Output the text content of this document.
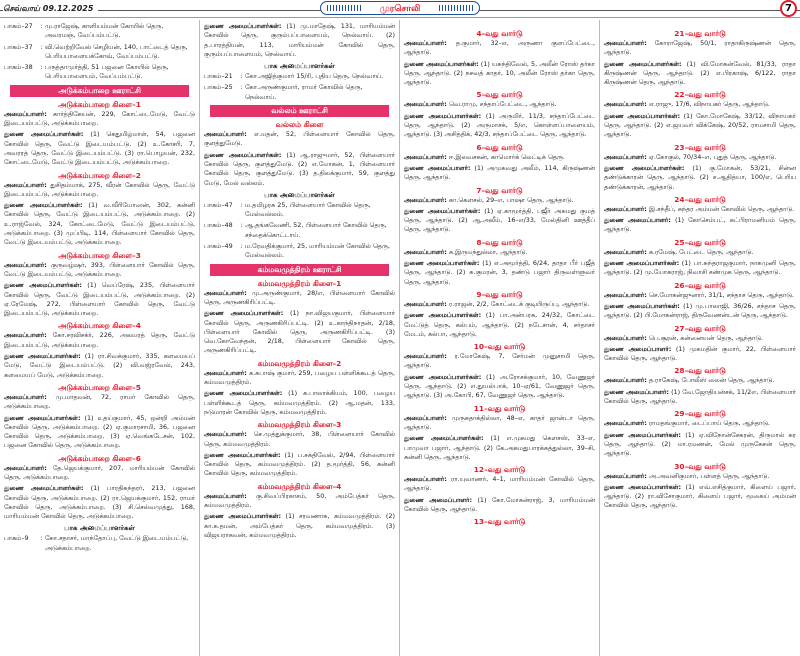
செவ்வாய் 09.12.2025	முரசொலி	7
பாகம்–27	: மு.ராஜேஷ், காளியம்மன் கோயில் தெரு, அவரமஞ், வேப்பம்பட்டு.
பாகம்–37	: வி.வெற்றிவேல் செழியன், 140, பாட்டைத் தெரு, பெரியபாளையக்கோவ், வேப்பம்பட்டு.
பாகம்–38	: பருத்தாமுர்த்தி, 51 பஜனை கோயில் தெரு, பெரியபாளையம், வேப்பம்பட்டு.
அடுக்கம்பாறை ஊராட்சி
அடுக்கம்பாறை கிளை–1

அமைப்பாளர்: கார்த்திகேயன், 229, கோட்டைமேடு, வேட்டு இடையம்பட்டு, அடுக்கம்பாறை.

துணை அமைப்பாளர்கள்: (1) கெதுமிழ்மாள், 54, பஜனை கோவில் தெரு, வேட்டு இடையம்பட்டு. (2) உ.கோசரி, 7, அவரரத் தெரு, வேட்டு இடையம்பட்டு. (3) ரா.பொழயன், 232, கோட்டைமேடு, வேட்டு இடையம்பட்டு, அடுக்கம்பாறை.

அடுக்கம்பாறை கிளை–2

அமைப்பாளர்: துசிதம்மாக், 275, வீரன் கோவில் தெரு, வேட்டு இடையம்பட்டு, அடுக்கம்பாறை.

துணை அமைப்பாளர்கள்: (1) வ.வீரியோஸன், 302, கன்னி கோவில் தெரு, வேட்டு இடையம்பட்டு, அடுக்கம்பாறை. (2) உ.ராஜ்வேல், 324, கோட்டைமேடு, வேட்டு இடையம்பட்டு, அடுக்கம்பாறை. (3) முப்பிடி, 114, பிள்ளையார் கோவில் தெரு, வேட்டு இடையம்பட்டு, அடுக்கம்பாறை.

அடுக்கம்பாறை கிளை–3

அமைப்பாளர்: குருவழ்ஷர், 393, பிள்ளையார் கோவில் தெரு, வேட்டு இடையம்பட்டு, அடுக்கம்பாறை.

துணை அமைப்பாளர்கள்: (1) வெப்ரேஷ், 235, பிள்ளையார் கோவில் தெரு, வேட்டு இடையம்பட்டு, அடுக்கம்பாறை. (2) ஏ.ரேமேஷ், 272, பிள்ளையார் கோவில் தெரு, வேட்டு இடையம்பட்டு, அடுக்கம்பாறை.

அடுக்கம்பாறை கிளை–4

அமைப்பாளர்: கோ.சரவிசக்ர், 226, அலமரத் தெரு, வேட்டு இடையம்பட்டு, அடுக்கம்பாறை.

துணை அமைப்பாளர்கள்: (1) ரா.சிவக்குமார், 335, களமையப் மேடு, வேட்டு இடையம்பட்டு. (2) வி.வஜ்ரவேல், 243, களமையப் மேடு, அடுக்கம்பாறை.

அடுக்கம்பாறை கிளை–5

அமைப்பாளர்: மு.மாதவன், 72, ராமர் கோவில் தெரு, அடுக்கம்பாறை.

துணை அமைப்பாளர்கள்: (1) உதய்குமார், 45, ஒன்றி அம்மன் கோவில் தெரு, அடுக்கம்பாறை. (2) ஏ.குமாரசாமி, 36, பஜனை கோவில் தெரு, அடுக்கம்பாறை. (3) ஏ.வெங்கடேசன், 102, பஜனை கோவில் தெரு, அடுக்கம்பாறை.

அடுக்கம்பாறை கிளை–6

அமைப்பாளர்: தே.ஜெயக்குமார், 207, மாரியம்மன் கோவில் தெரு, அடுக்கம்பாறை.

துணை அமைப்பாளர்கள்: (1) பாரதிசுந்தரர், 213, பஜனை கோவில் தெரு, அடுக்கம்பாறை. (2) ரா.ஜெயக்குமார், 152, ராமர் கோவில் தெரு, அடுக்கம்பாறை. (3) சி.செல்வமுத்து, 168, மாரியம்மன் கோவில் தெரு, அடுக்கம்பாறை.

பாக அமைப்பாளர்கள்
பாகம்–9	: கோ.சதாசர், மாந்தோப்பு, வேட்டு இடையம்பட்டு, அடுக்கம்பாறை.

துணை அமைப்பாளர்கள்: (1) மு.மாதேஷ், 131, மாரியம்மன் கோவில் தெரு, குரும்பப்பாளையம், நெல்வாய். (2) த.பாரத்தியன், 113, மாரியம்மன் கோவில் தெரு, குரும்பப்பாளையம், நெல்வாய்.

பாக அமைப்பாளர்கள்
பாகம்–21	: கோ.அஜித்குமார் 15/ரி, புதிய தெரு, நெல்வாய்.
பாகம்–25	: கோ.அருண்குமார், ராமர் கோவில் தெரு, நெல்வாய்.
வல்லம் ஊராட்சி
வல்லம் கிளை

அமைப்பாளர்: எ.மதன், 52, பிள்ளையார் கோவில் தெரு, குளத்துமேடு.

துணை அமைப்பாளர்கள்: (1) ஆ.ராஜுமார், 52, பிள்ளையார் கோவில் தெரு, குளத்துமேடு. (2) எ.மோகன், 1, பிள்ளையார் கோவில் தெரு, குளத்துமேடு. (3) த.திலக்குமார், 59, குளத்து மேடு, மேல் வல்லம்.

பாக அமைப்பாளர்கள்
பாகம்–47	: ம.தமிழரசு 25, பிள்ளையார் கோவில் தெரு, மேல்வல்லம்.
பாகம்–48	: ஆ.தங்கவேணி, 52, பிள்ளையார் கோவில் தெரு, சந்தைக்கொட்டாய்.
பாகம்–49	: ம.ரேவதிக்குமார், 25, மாரியம்மன் கோவில் தெரு, மேல்வல்லம்.
கம்மவமுத்திரம் ஊராட்சி
கம்மவமுத்திரம் கிளை–1

அமைப்பாளர்: மு.அருண்குமார், 28/எ, பிள்ளையார் கோவில் தெரு, அருணகிரிப்பட்டி.

துணை அமைப்பாளர்கள்: (1) நா.விஜயகுமார், பிள்ளையார் கோவில் தெரு, அருணகிரிப்பட்டி. (2) உ.காந்திநாதன், 2/18, பிள்ளையார் கோவில் தெரு, அருணகிரிப்பட்டி. (3) வெ.கோவேந்தன், 2/18, பிள்ளையார் கோவில் தெரு, அருணகிரிப்பட்டி.

கம்மவமுத்திரம் கிளை–2

அமைப்பாளர்: க.சுபாஷ் குமார், 259, பழைய பள்ளிக்கூடத் தெரு, கம்மவமுத்திரம்.

துணை அமைப்பாளர்கள்: (1) க.பாலாக்கியம், 100, பழைய பள்ளிக்கூடத் தெரு, கம்மவமுத்திரம். (2) ஆ.மதன், 133, நடுமாரன் கோவில் தெரு, கம்மவமுத்திரம்.

கம்மவமுத்திரம் கிளை–3

அமைப்பாளர்: செ.முத்துக்குமார், 38, பிள்ளையார் கோவில் தெரு, கம்மவமுத்திரம்.

துணை அமைப்பாளர்கள்: (1) ப.சக்திவேல், 2/94, பிள்ளையார் கோவில் தெரு, கம்மவமுத்திரம். (2) த.மூர்த்தி, 56, கன்னி கோவில் தெரு, கம்மவமுத்திரம்.

கம்மவமுத்திரம் கிளை–4

அமைப்பாளர்: கு.சிவப்பிரகாசம், 50, அம்பேத்கர் தெரு, கம்மவமுத்திரம்.

துணை அமைப்பாளர்கள்: (1) சரவணாசு, கம்மவமுத்திரம். (2) கா.க.தமன், அம்பேத்கர் தெரு, கம்மவமுத்திரம். (3) விஜயராகவன், கம்மவமுத்திரம்.

4–வது வார்டு

அமைப்பாளர்: த.குமார், 32–எ, அருணா குளப்பேட்டை, ஆந்தாடு.

துணை அமைப்பாளர்கள்: (1) யசுந்திவேல், 5, அலீன் ரோஸ் தர்கா தெரு, ஆந்தாடு. (2) நசவத் காதர், 10, அலீன் ரோஸ் தர்கா தெரு, ஆந்தாடு.

5–வது வார்டு

அமைப்பாளர்: வெ.ராமு, சந்தாப்பேட்டை, ஆந்தாடு.

துணை அமைப்பாளர்கள்: (1) அருமிர், 11/3, சந்தாப்பேட்டை தெரு, ஆந்தாடு. (2) அருமாசக், 5/எ, கொள்ளப்பாளையம், ஆந்தாடு. (3) அசித்திக், 42/3, சந்தாப்பேட்டை தெரு, ஆந்தாடு.

6–வது வார்டு

அமைப்பாளர்: ஈ.இலவசகன், காமொர்க் லெட்டிக் தெரு.

துணை அமைப்பாளர்: (1) அமுகவது அலீம், 114, கிருஷ்ணன் தெரு, ஆந்தாடு.

7–வது வார்டு

அமைப்பாளர்: கா.கௌசல், 29–எ, பாஷா தெரு, ஆந்தாடு.

துணை அமைப்பாளர்கள்: (1) ஏ.காமூர்த்தி, பஜீர் அகமது குமத் தெரு, ஆந்தாடு. (2) ஆ.அலீம், 16–எ/33, மேல்தினி ஊத்தீப் தெரு, ஆந்தாடு.

8–வது வார்டு

அமைப்பாளர்: சு.இருமந்துல்லா, ஆந்தாடு.

துணை அமைப்பாளர்கள்: (1) எ.அமூர்த்தி, 6/24, தாதா பீர் பஜீத் தெரு, ஆந்தாடு. (2) சு.குமரன், 3, தண்டு பஜார் திருவள்ளுவர் தெரு, ஆந்தாடு.

9–வது வார்டு

அமைப்பாளர்: ர.ராஜன், 2/2, கோட்டைக் குடியிருப்பு, ஆந்தாடு.

துணை அமைப்பாளர்கள்: (1) பா.அன்பரசு, 24/32, கோட்டை மேட்டுத் தெரு, கல்பம், ஆந்தாடு. (2) நடேசான், 4, சர்தாசர் மேடம், கல்பா, ஆந்தாடு.

10–வது வார்டு

அமைப்பாளர்: ர.மோகேஷ், 7, சேர்மன் முனுசாமி தெரு, ஆந்தாடு.

துணை அமைப்பாளர்கள்: (1) அ.ரோசக்குமார், 10, வேணுஜர் தெரு, ஆந்தாடு. (2) எ.துயல்பாக், 10–ஏ/61, வேணுஜர் தெரு, ஆந்தாடு. (3) அ.கோபி, 67, வேணுஜர் தெரு, ஆந்தாடு.

11–வது வார்டு

அமைப்பாளர்: முருகதாக்தில்லா, 48–எ, காதர் ஜான்டா தெரு, ஆந்தாடு.

துணை அமைப்பாளர்கள்: (1) எ.முகமது கௌசஸ், 33–எ, பாமுவா பஜார், ஆந்தாடு. (2) கே.அகமதுபாரக்கத்துல்லா, 39–சி, சுன்னி தெரு, ஆந்தாடு.

12–வது வார்டு

அமைப்பாளர்: ரா.யுவாணர், 4–1, மாரியம்மன் கோவில் தெரு, ஆந்தாடு.

துணை அமைப்பாளர்: (1) கோ.மோகன்ராஜ், 3, மாரியம்மன் கோவில் தெரு, ஆந்தாடு.

13–வது வார்டு
21–வது வார்டு

அமைப்பாளர்: கோராஜேஷ், 50/1, ராதாகிருஷ்ணன் தெரு, ஆந்தாடு.

துணை அமைப்பாளர்கள்: (1) வி.மோகன்வேல், 81/33, ராதா கிருஷ்ணன் தெரு, ஆந்தாடு. (2) எ.பிரகாஷ், 6/122, ராதா கிருஷ்ணன் தெரு, ஆந்தாடு.

22–வது வார்டு

அமைப்பாளர்: எ.ராஜு, 17/6, விநாயகர் தெரு, ஆந்தாடு.

துணை அமைப்பாளர்கள்: (1) கோ.மோகேஷ், 33/12, விநாயகர் தெரு, ஆந்தாடு. (2) எ.ஜயவர் விக்கேஷ், 20/52, ராமசாமி தெரு, ஆந்தாடு.

23–வது வார்டு

அமைப்பாளர்: ஏ.கோகுல், 70/34–எ, புதுத் தெரு, ஆந்தாடு.

துணை அமைப்பாளர்கள்: (1) கு.மோகன், 53/21, சின்ன தண்டுக்காரன் தெரு, ஆந்தாடு. (2) ச.ஆதித்யா, 100/எ, பெரிய தண்டுக்காரன், ஆந்தாடு.

24–வது வார்டு

அமைப்பாளர்: இ.சந்தீப், சுந்தர அம்மன் கோவில் தெரு, ஆந்தாடு.

துணை அமைப்பாளர்: (1) கோசெம்பட், கட்பிராமனியம் தெரு, ஆந்தாடு.

25–வது வார்டு

அமைப்பாளர்: க.ரமேஷ், பேட்டை தெரு, ஆந்தாடு.

துணை அமைப்பாளர்கள்: (1) பா.சுந்தராஜகுமார், நாகமுனி தெரு, ஆந்தாடு. (2) மு.யோகராஜ், நிவாசி சண்முக தெரு, ஆந்தாடு.

26–வது வார்டு

அமைப்பாளர்: செ.மோகன்ஜுனார், 31/1, சந்தாச தெரு, ஆந்தாடு.

துணை அமைப்பாளர்கள்: (1) மு.பாலாஜி, 36/26, சந்தாச தெரு, ஆந்தாடு. (2) பி.மோகன்ராஜ், திருவேணன்டன் தெரு, ஆந்தாடு.

27–வது வார்டு

அமைப்பாளர்: பெ.சூரன், கன்னையன் தெரு, ஆந்தாடு.

துணை அமைப்பாளர்: (1) முகமதின் குமார், 22, பிள்ளையார் கோவில் தெரு, ஆந்தாடு.

28–வது வார்டு

அமைப்பாளர்: த.ராகேஷ், போலீஸ் லைன் தெரு, ஆந்தாடு.

துணை அமைப்பாளர்: (1) வே.ஜோதியன்சக், 11/2எ, பிள்ளையார் கோவில் தெரு, ஆந்தாடு.

29–வது வார்டு

அமைப்பாளர்: ராமதங்குமார், டைப்பாய் தெரு, ஆந்தாடு.

துணை அமைப்பாளர்கள்: (1) ஏ.விநோன்சேகரன், திருமால் சுர தெரு, ஆந்தாடு. (2) மா.ரமணன், மேல் முருகேசன் தெரு, ஆந்தாடு.

30–வது வார்டு

அமைப்பாளர்: அ.அவனிகுமார், பள்ளத் தெரு, ஆந்தாடு.

துணை அமைப்பாளர்கள்: (1) எவ்.எசித்குமார், கிளைய் பஜார், ஆந்தாடு. (2) ரா.விசோகுமார், கிளைய் பஜார், மூகைய் அம்மன் கோவில் தெரு, ஆந்தாடு.
